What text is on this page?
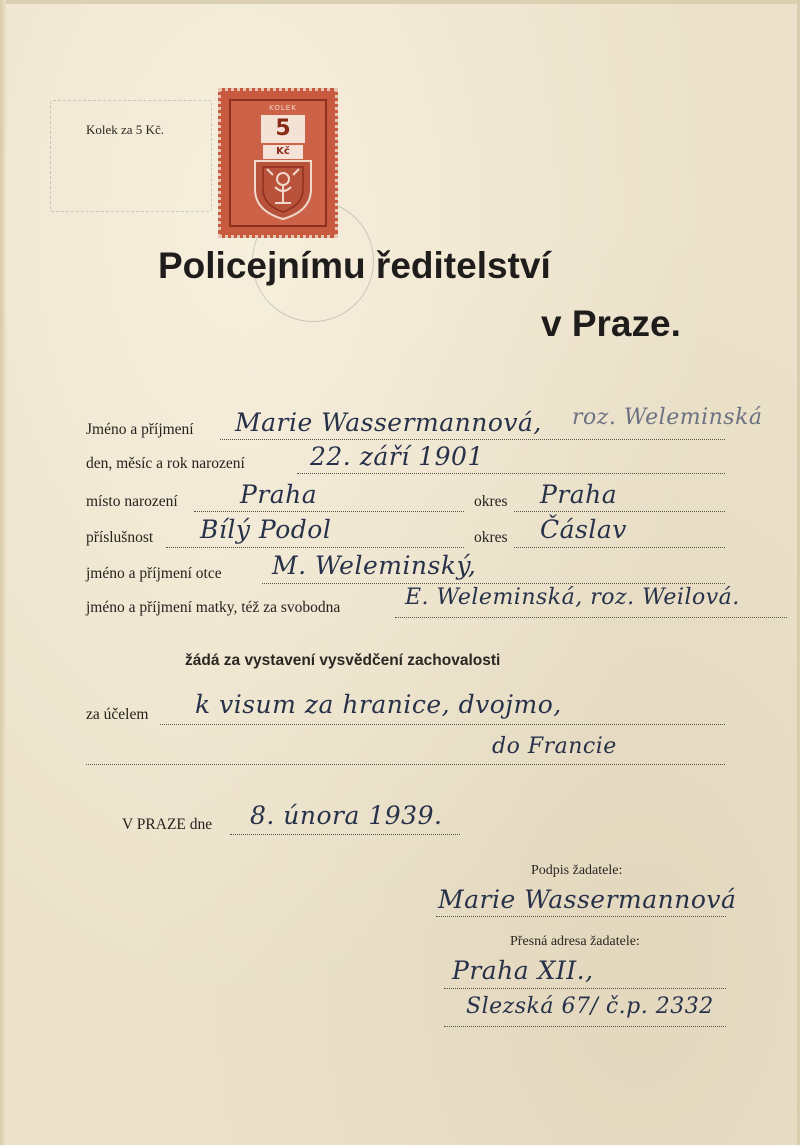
Kolek za 5 Kč.
KOLEK
5
Kč
Policejnímu ředitelství
v Praze.
Jméno a příjmení Marie Wassermannová, roz. Weleminská
den, měsíc a rok narození	22. září 1901
místo narození Praha	okres Praha
příslušnost Bílý Podol	okres Čáslav
jméno a příjmení otce M. Weleminský,
jméno a příjmení matky, též za svobodna	E. Weleminská, roz. Weilová.
žádá za vystavení vysvědčení zachovalosti
za účelem k visum za hranice, dvojmo,
do Francie
V PRAZE dne 8. února 1939.
Podpis žadatele:
Marie Wassermannová
Přesná adresa žadatele:
Praha XII.,
Slezská 67/ č.p. 2332
